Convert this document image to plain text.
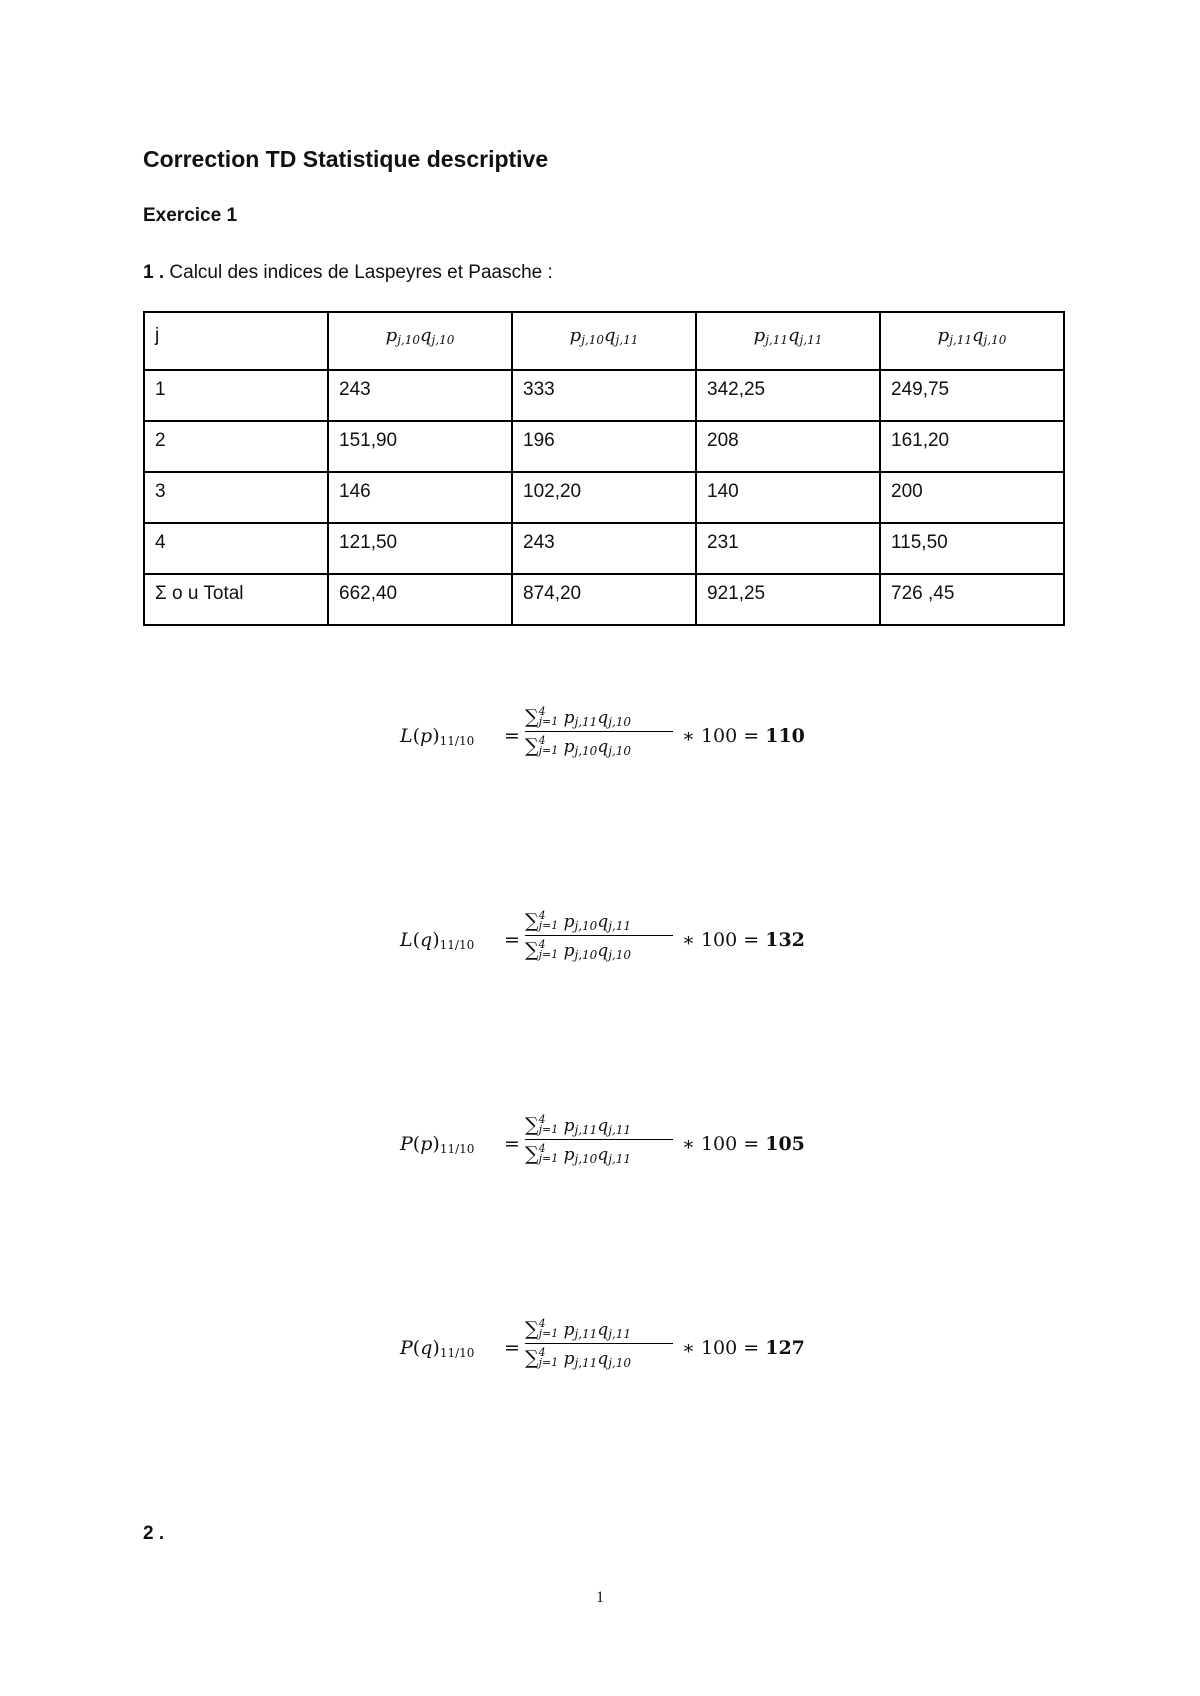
Correction TD Statistique descriptive
Exercice 1

1 . Calcul des indices de Laspeyres et Paasche :

j	$p_{j,10}q_{j,10}$	$p_{j,10}q_{j,11}$	$p_{j,11}q_{j,11}$	$p_{j,11}q_{j,10}$
1	243	333	342,25	249,75
2	151,90	196	208	161,20
3	146	102,20	140	200
4	121,50	243	231	115,50
Σ o u Total	662,40	874,20	921,25	726 ,45
$L(p)_{11/10}$ =
∑4
j=1 $p_{j,11}q_{j,10}$
∑4
j=1 $p_{j,10}q_{j,10}$
∗ 100 = 110
$L(q)_{11/10}$ =
∑4
j=1 $p_{j,10}q_{j,11}$
∑4
j=1 $p_{j,10}q_{j,10}$
∗ 100 = 132
$P(p)_{11/10}$ =
∑4
j=1 $p_{j,11}q_{j,11}$
∑4
j=1 $p_{j,10}q_{j,11}$
∗ 100 = 105
$P(q)_{11/10}$ =
∑4
j=1 $p_{j,11}q_{j,11}$
∑4
j=1 $p_{j,11}q_{j,10}$
∗ 100 = 127

2 .

1
